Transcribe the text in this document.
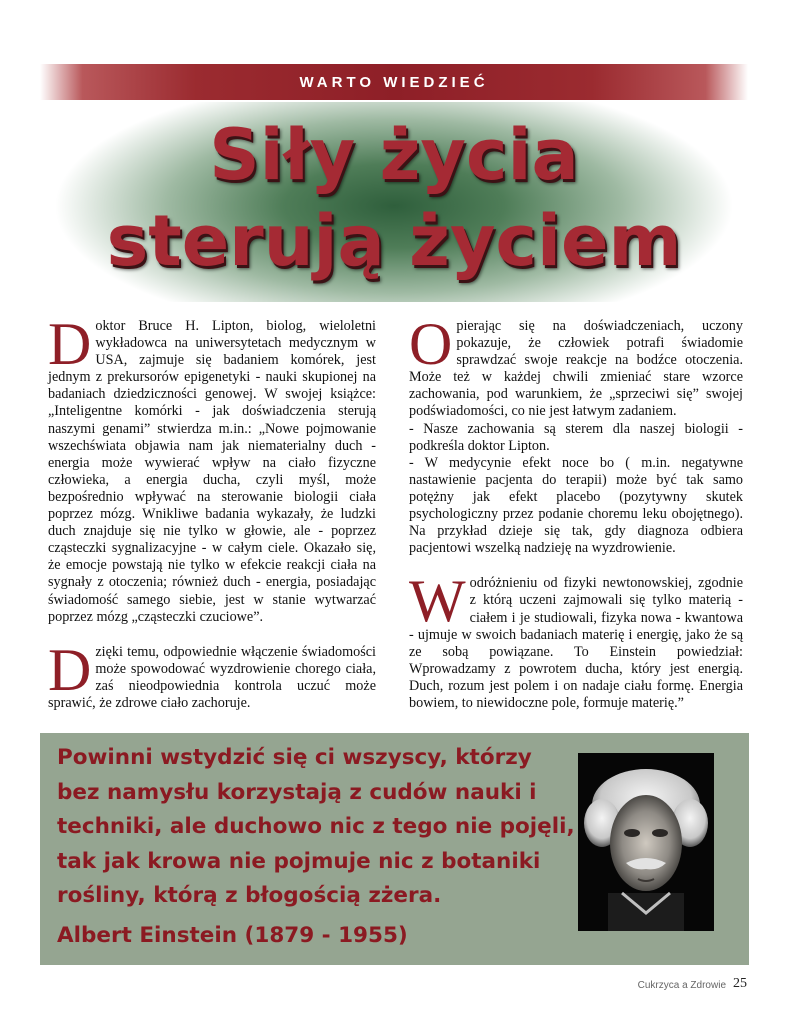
WARTO WIEDZIEĆ
Siły życia
sterują życiem

Doktor Bruce H. Lipton, biolog, wieloletni wykładowca na uniwersytetach medycznym w USA, zajmuje się badaniem komórek, jest jednym z prekursorów epigenetyki - nauki skupionej na badaniach dziedziczności genowej. W swojej książce: „Inteligentne komórki - jak doświadczenia sterują naszymi genami” stwierdza m.in.: „Nowe pojmowanie wszechświata objawia nam jak niematerialny duch - energia może wywierać wpływ na ciało fizyczne człowieka, a energia ducha, czyli myśl, może bezpośrednio wpływać na sterowanie biologii ciała poprzez mózg. Wnikliwe badania wykazały, że ludzki duch znajduje się nie tylko w głowie, ale - poprzez cząsteczki sygnalizacyjne - w całym ciele. Okazało się, że emocje powstają nie tylko w efekcie reakcji ciała na sygnały z otoczenia; również duch - energia, posiadając świadomość samego siebie, jest w stanie wytwarzać poprzez mózg „cząsteczki czuciowe”.

Dzięki temu, odpowiednie włączenie świadomości może spowodować wyzdrowienie chorego ciała, zaś nieodpowiednia kontrola uczuć może sprawić, że zdrowe ciało zachoruje.

Opierając się na doświadczeniach, uczony pokazuje, że człowiek potrafi świadomie sprawdzać swoje reakcje na bodźce otoczenia. Może też w każdej chwili zmieniać stare wzorce zachowania, pod warunkiem, że „sprzeciwi się” swojej podświadomości, co nie jest łatwym zadaniem.
- Nasze zachowania są sterem dla naszej biologii - podkreśla doktor Lipton.
- W medycynie efekt noce bo ( m.in. negatywne nastawienie pacjenta do terapii) może być tak samo potężny jak efekt placebo (pozytywny skutek psychologiczny przez podanie choremu leku obojętnego). Na przykład dzieje się tak, gdy diagnoza odbiera pacjentowi wszelką nadzieję na wyzdrowienie.

Wodróżnieniu od fizyki newtonowskiej, zgodnie z którą uczeni zajmowali się tylko materią - ciałem i je studiowali, fizyka nowa - kwantowa - ujmuje w swoich badaniach materię i energię, jako że są ze sobą powiązane. To Einstein powiedział: Wprowadzamy z powrotem ducha, który jest energią. Duch, rozum jest polem i on nadaje ciału formę. Energia bowiem, to niewidoczne pole, formuje materię.”

Powinni wstydzić się ci wszyscy, którzy bez namysłu korzystają z cudów nauki i techniki, ale duchowo nic z tego nie pojęli, tak jak krowa nie pojmuje nic z botaniki rośliny, którą z błogością zżera.
Albert Einstein (1879 - 1955)
Cukrzyca a Zdrowie 25
